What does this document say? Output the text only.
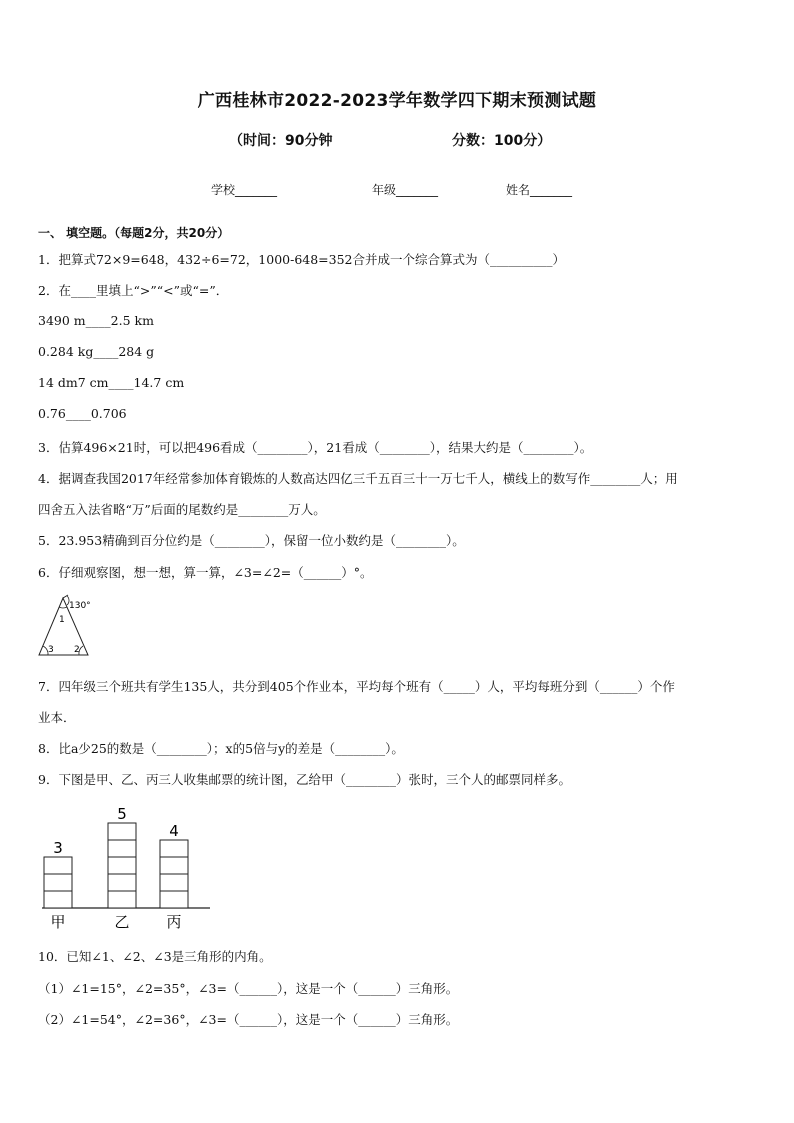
广西桂林市2022-2023学年数学四下期末预测试题
（时间：90分钟	分数：100分）
学校_______	年级_______	姓名_______
一、 填空题。（每题2分，共20分）
1．把算式72×9=648，432÷6=72，1000-648=352合并成一个综合算式为（__________）
2．在____里填上“>”“<”或“=”．
3490 m____2.5 km
0.284 kg____284 g
14 dm7 cm____14.7 cm
0.76____0.706
3．估算496×21时，可以把496看成（________），21看成（________），结果大约是（________）。
4．据调查我国2017年经常参加体育锻炼的人数高达四亿三千五百三十一万七千人，横线上的数写作________人；用
四舍五入法省略“万”后面的尾数约是________万人。
5．23.953精确到百分位约是（________），保留一位小数约是（________）。
6．仔细观察图，想一想，算一算，∠3=∠2=（______）°。
130°
1
3 2
7．四年级三个班共有学生135人，共分到405个作业本，平均每个班有（_____）人，平均每班分到（______）个作
业本．
8．比a少25的数是（________）；x的5倍与y的差是（________）。
9．下图是甲、乙、丙三人收集邮票的统计图，乙给甲（________）张时，三个人的邮票同样多。
3
甲
5
乙
4
丙
10．已知∠1、∠2、∠3是三角形的内角。
（1）∠1=15°，∠2=35°，∠3=（______），这是一个（______）三角形。
（2）∠1=54°，∠2=36°，∠3=（______），这是一个（______）三角形。
